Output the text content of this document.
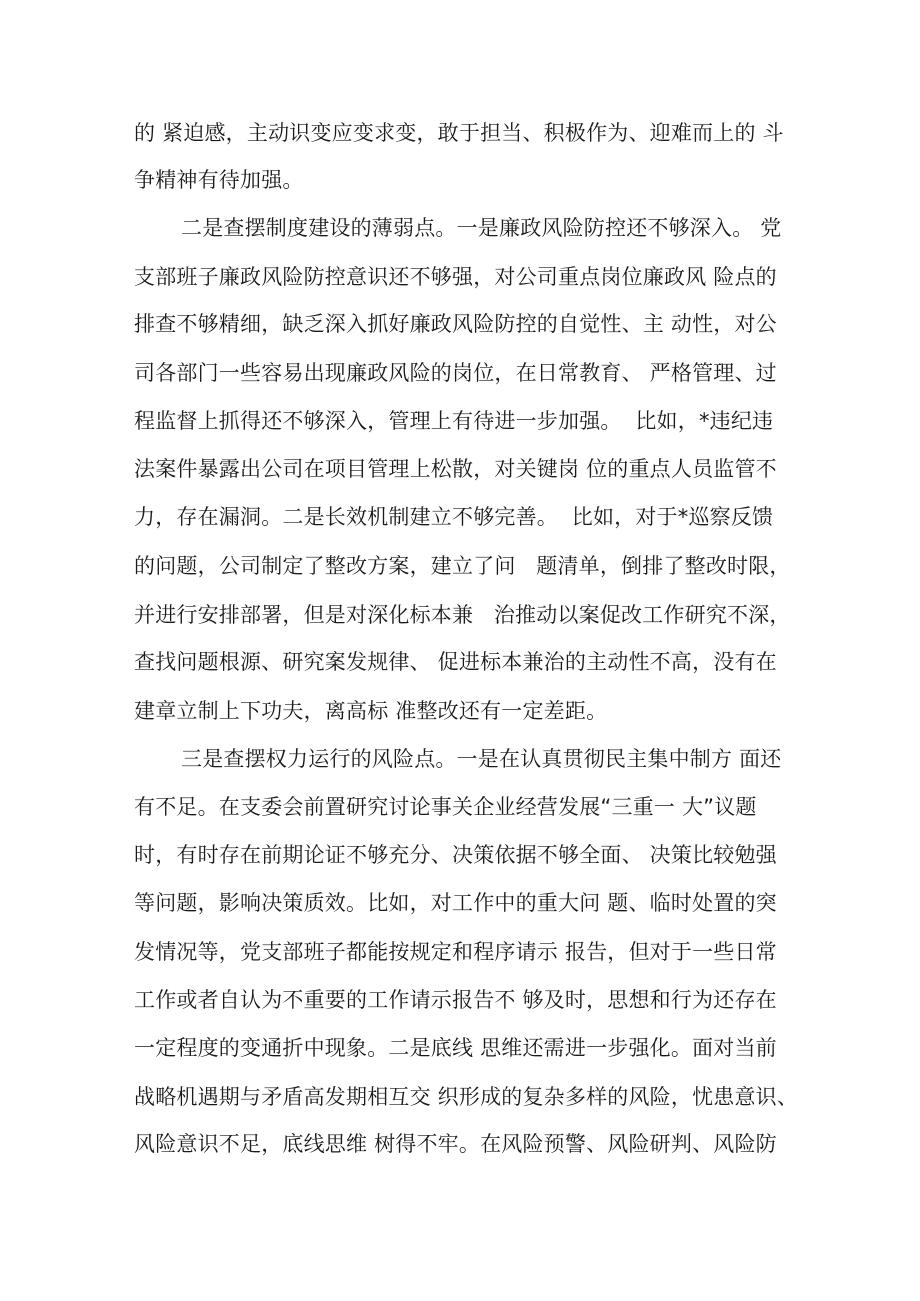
的 紧迫感，主动识变应变求变，敢于担当、积极作为、迎难而上的 斗
争精神有待加强。
二是查摆制度建设的薄弱点。一是廉政风险防控还不够深入。 党
支部班子廉政风险防控意识还不够强，对公司重点岗位廉政风 险点的
排查不够精细，缺乏深入抓好廉政风险防控的自觉性、主 动性，对公
司各部门一些容易出现廉政风险的岗位，在日常教育、 严格管理、过
程监督上抓得还不够深入，管理上有待进一步加强。  比如，*违纪违
法案件暴露出公司在项目管理上松散，对关键岗 位的重点人员监管不
力，存在漏洞。二是长效机制建立不够完善。  比如，对于*巡察反馈
的问题，公司制定了整改方案，建立了问   题清单，倒排了整改时限，
并进行安排部署，但是对深化标本兼   治推动以案促改工作研究不深，
查找问题根源、研究案发规律、 促进标本兼治的主动性不高，没有在
建章立制上下功夫，离高标 准整改还有一定差距。
三是查摆权力运行的风险点。一是在认真贯彻民主集中制方 面还
有不足。在支委会前置研究讨论事关企业经营发展“三重一 大”议题
时，有时存在前期论证不够充分、决策依据不够全面、 决策比较勉强
等问题，影响决策质效。比如，对工作中的重大问 题、临时处置的突
发情况等，党支部班子都能按规定和程序请示 报告，但对于一些日常
工作或者自认为不重要的工作请示报告不 够及时，思想和行为还存在
一定程度的变通折中现象。二是底线 思维还需进一步强化。面对当前
战略机遇期与矛盾高发期相互交 织形成的复杂多样的风险，忧患意识、
风险意识不足，底线思维 树得不牢。在风险预警、风险研判、风险防
